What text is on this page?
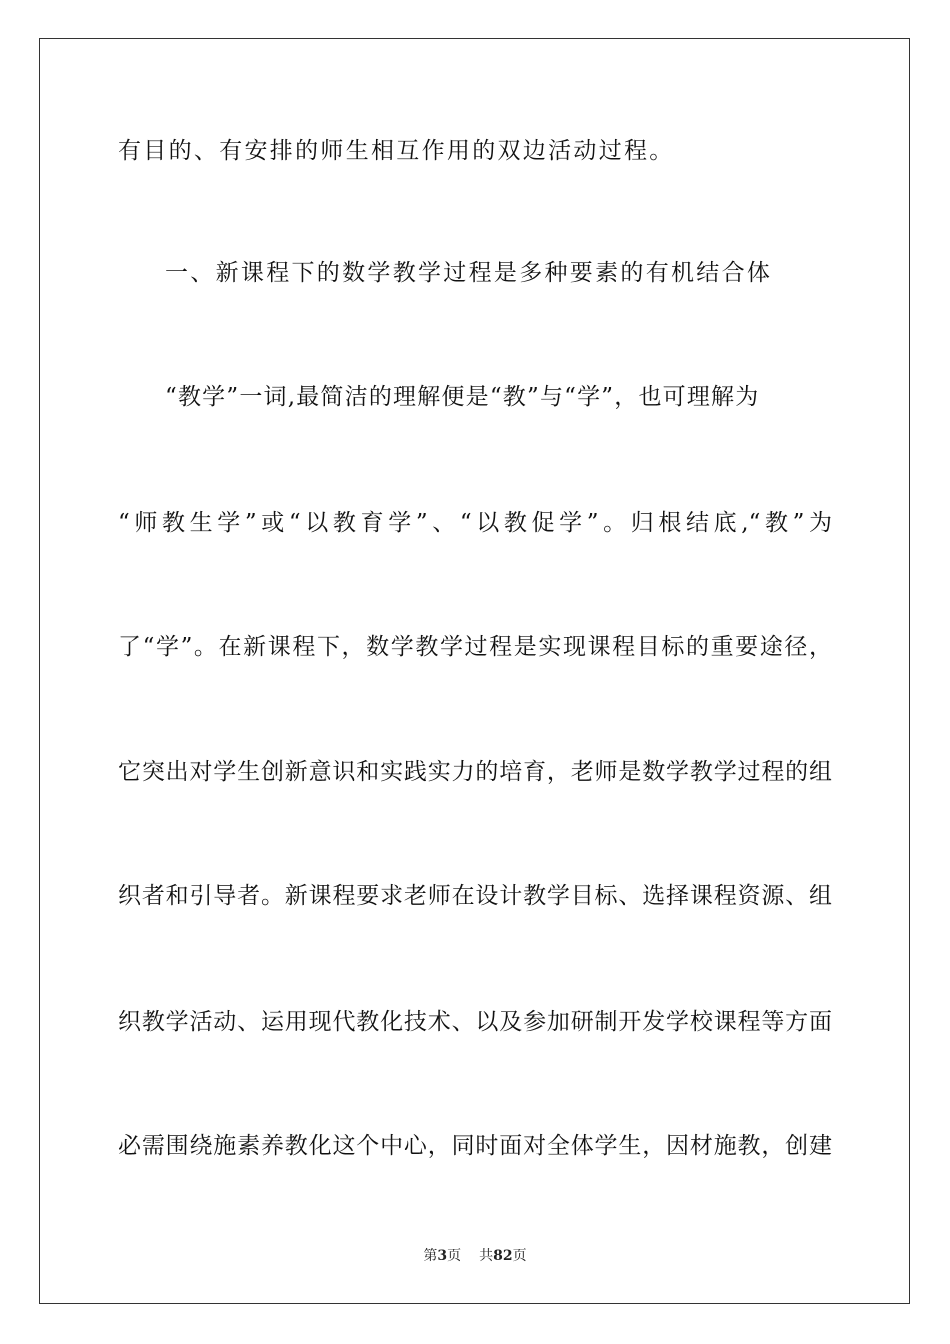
有目的、有安排的师生相互作用的双边活动过程。
一、新课程下的数学教学过程是多种要素的有机结合体
“教学”一词,最简洁的理解便是“教”与“学”，也可理解为
“师教生学”或“以教育学”、“以教促学”。归根结底,“教”为
了“学”。在新课程下，数学教学过程是实现课程目标的重要途径，
它突出对学生创新意识和实践实力的培育，老师是数学教学过程的组
织者和引导者。新课程要求老师在设计教学目标、选择课程资源、组
织教学活动、运用现代教化技术、以及参加研制开发学校课程等方面
必需围绕施素养教化这个中心，同时面对全体学生，因材施教，创建
第3页 共82页
